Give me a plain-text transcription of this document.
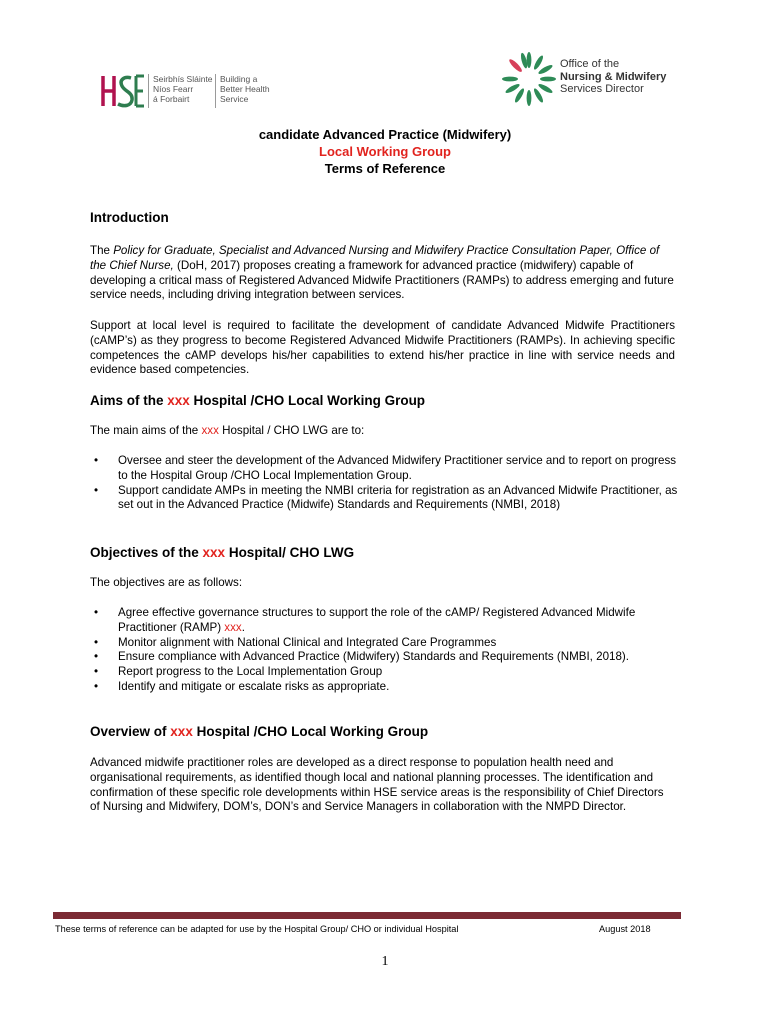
Seirbhís Sláinte
Níos Fearr
á Forbairt
Building a
Better Health
Service
Office of the
Nursing & Midwifery
Services Director
candidate Advanced Practice (Midwifery)
Local Working Group
Terms of Reference
Introduction
The Policy for Graduate, Specialist and Advanced Nursing and Midwifery Practice Consultation Paper, Office of the Chief Nurse, (DoH, 2017) proposes creating a framework for advanced practice (midwifery) capable of developing a critical mass of Registered Advanced Midwife Practitioners (RAMPs) to address emerging and future service needs, including driving integration between services.
Support at local level is required to facilitate the development of candidate Advanced Midwife Practitioners (cAMP’s) as they progress to become Registered Advanced Midwife Practitioners (RAMPs). In achieving specific competences the cAMP develops his/her capabilities to extend his/her practice in line with service needs and evidence based competencies.
Aims of the xxx Hospital /CHO Local Working Group
The main aims of the xxx Hospital / CHO LWG are to:
• Oversee and steer the development of the Advanced Midwifery Practitioner service and to report on progress to the Hospital Group /CHO Local Implementation Group.
• Support candidate AMPs in meeting the NMBI criteria for registration as an Advanced Midwife Practitioner, as set out in the Advanced Practice (Midwife) Standards and Requirements (NMBI, 2018)
Objectives of the xxx Hospital/ CHO LWG
The objectives are as follows:
• Agree effective governance structures to support the role of the cAMP/ Registered Advanced Midwife Practitioner (RAMP) xxx.
• Monitor alignment with National Clinical and Integrated Care Programmes
• Ensure compliance with Advanced Practice (Midwifery) Standards and Requirements (NMBI, 2018).
• Report progress to the Local Implementation Group
• Identify and mitigate or escalate risks as appropriate.
Overview of xxx Hospital /CHO Local Working Group
Advanced midwife practitioner roles are developed as a direct response to population health need and organisational requirements, as identified though local and national planning processes. The identification and confirmation of these specific role developments within HSE service areas is the responsibility of Chief Directors of Nursing and Midwifery, DOM’s, DON’s and Service Managers in collaboration with the NMPD Director.
These terms of reference can be adapted for use by the Hospital Group/ CHO or individual Hospital	August 2018
1
